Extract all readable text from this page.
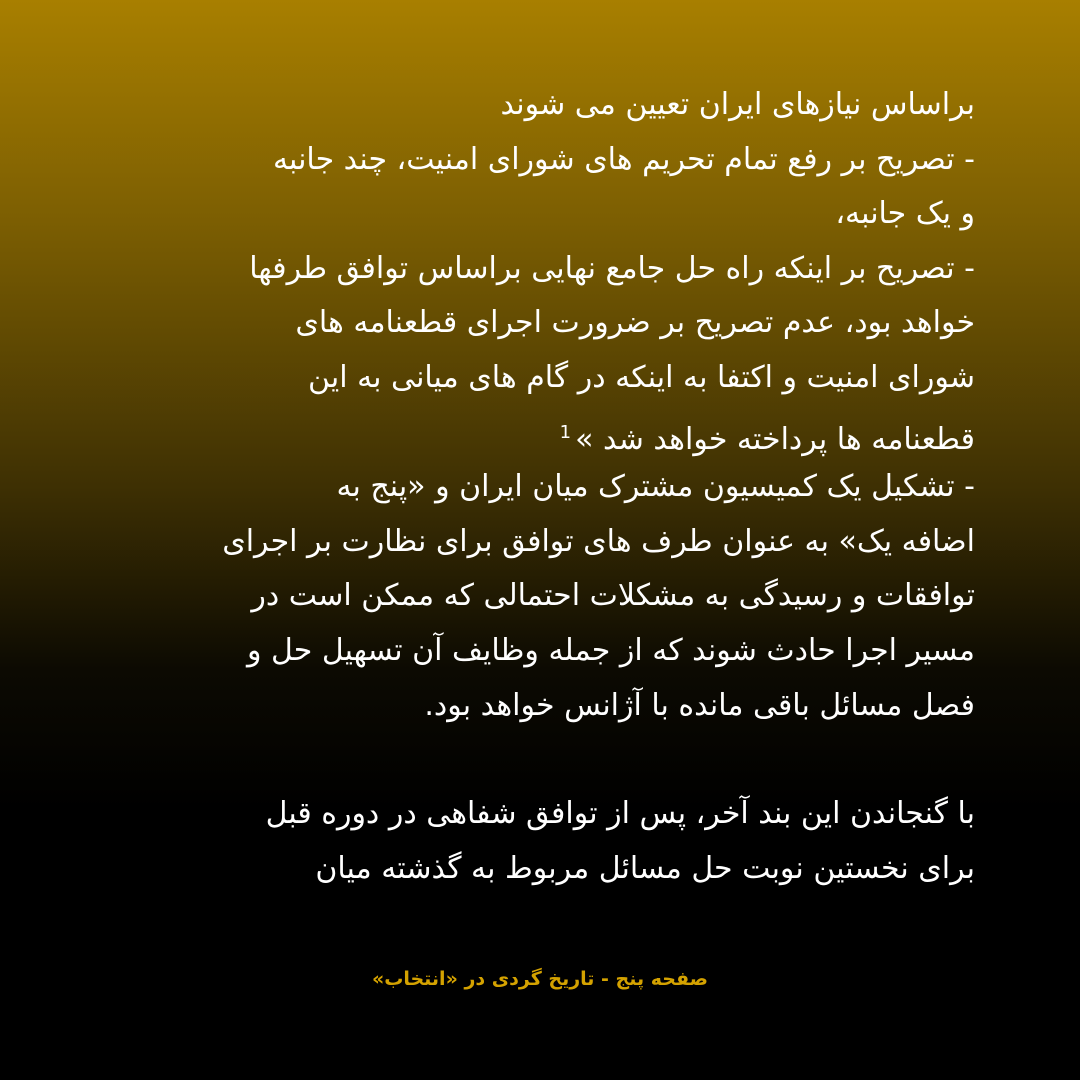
براساس نیازهای ایران تعیین می شوند
- تصریح بر رفع تمام تحریم های شورای امنیت، چند جانبه
و یک جانبه،
- تصریح بر اینکه راه حل جامع نهایی براساس توافق طرفها
خواهد بود، عدم تصریح بر ضرورت اجرای قطعنامه های
شورای امنیت و اکتفا به اینکه در گام های میانی به این
قطعنامه ها پرداخته خواهد شد »$^1$
- تشکیل یک کمیسیون مشترک میان ایران و «پنج به
اضافه یک» به عنوان طرف های توافق برای نظارت بر اجرای
توافقات و رسیدگی به مشکلات احتمالی که ممکن است در
مسیر اجرا حادث شوند که از جمله وظایف آن تسهیل حل و
فصل مسائل باقی مانده با آژانس خواهد بود.
با گنجاندن این بند آخر، پس از توافق شفاهی در دوره قبل
برای نخستین نوبت حل مسائل مربوط به گذشته میان
صفحه پنج - تاریخ گردی در «انتخاب»
